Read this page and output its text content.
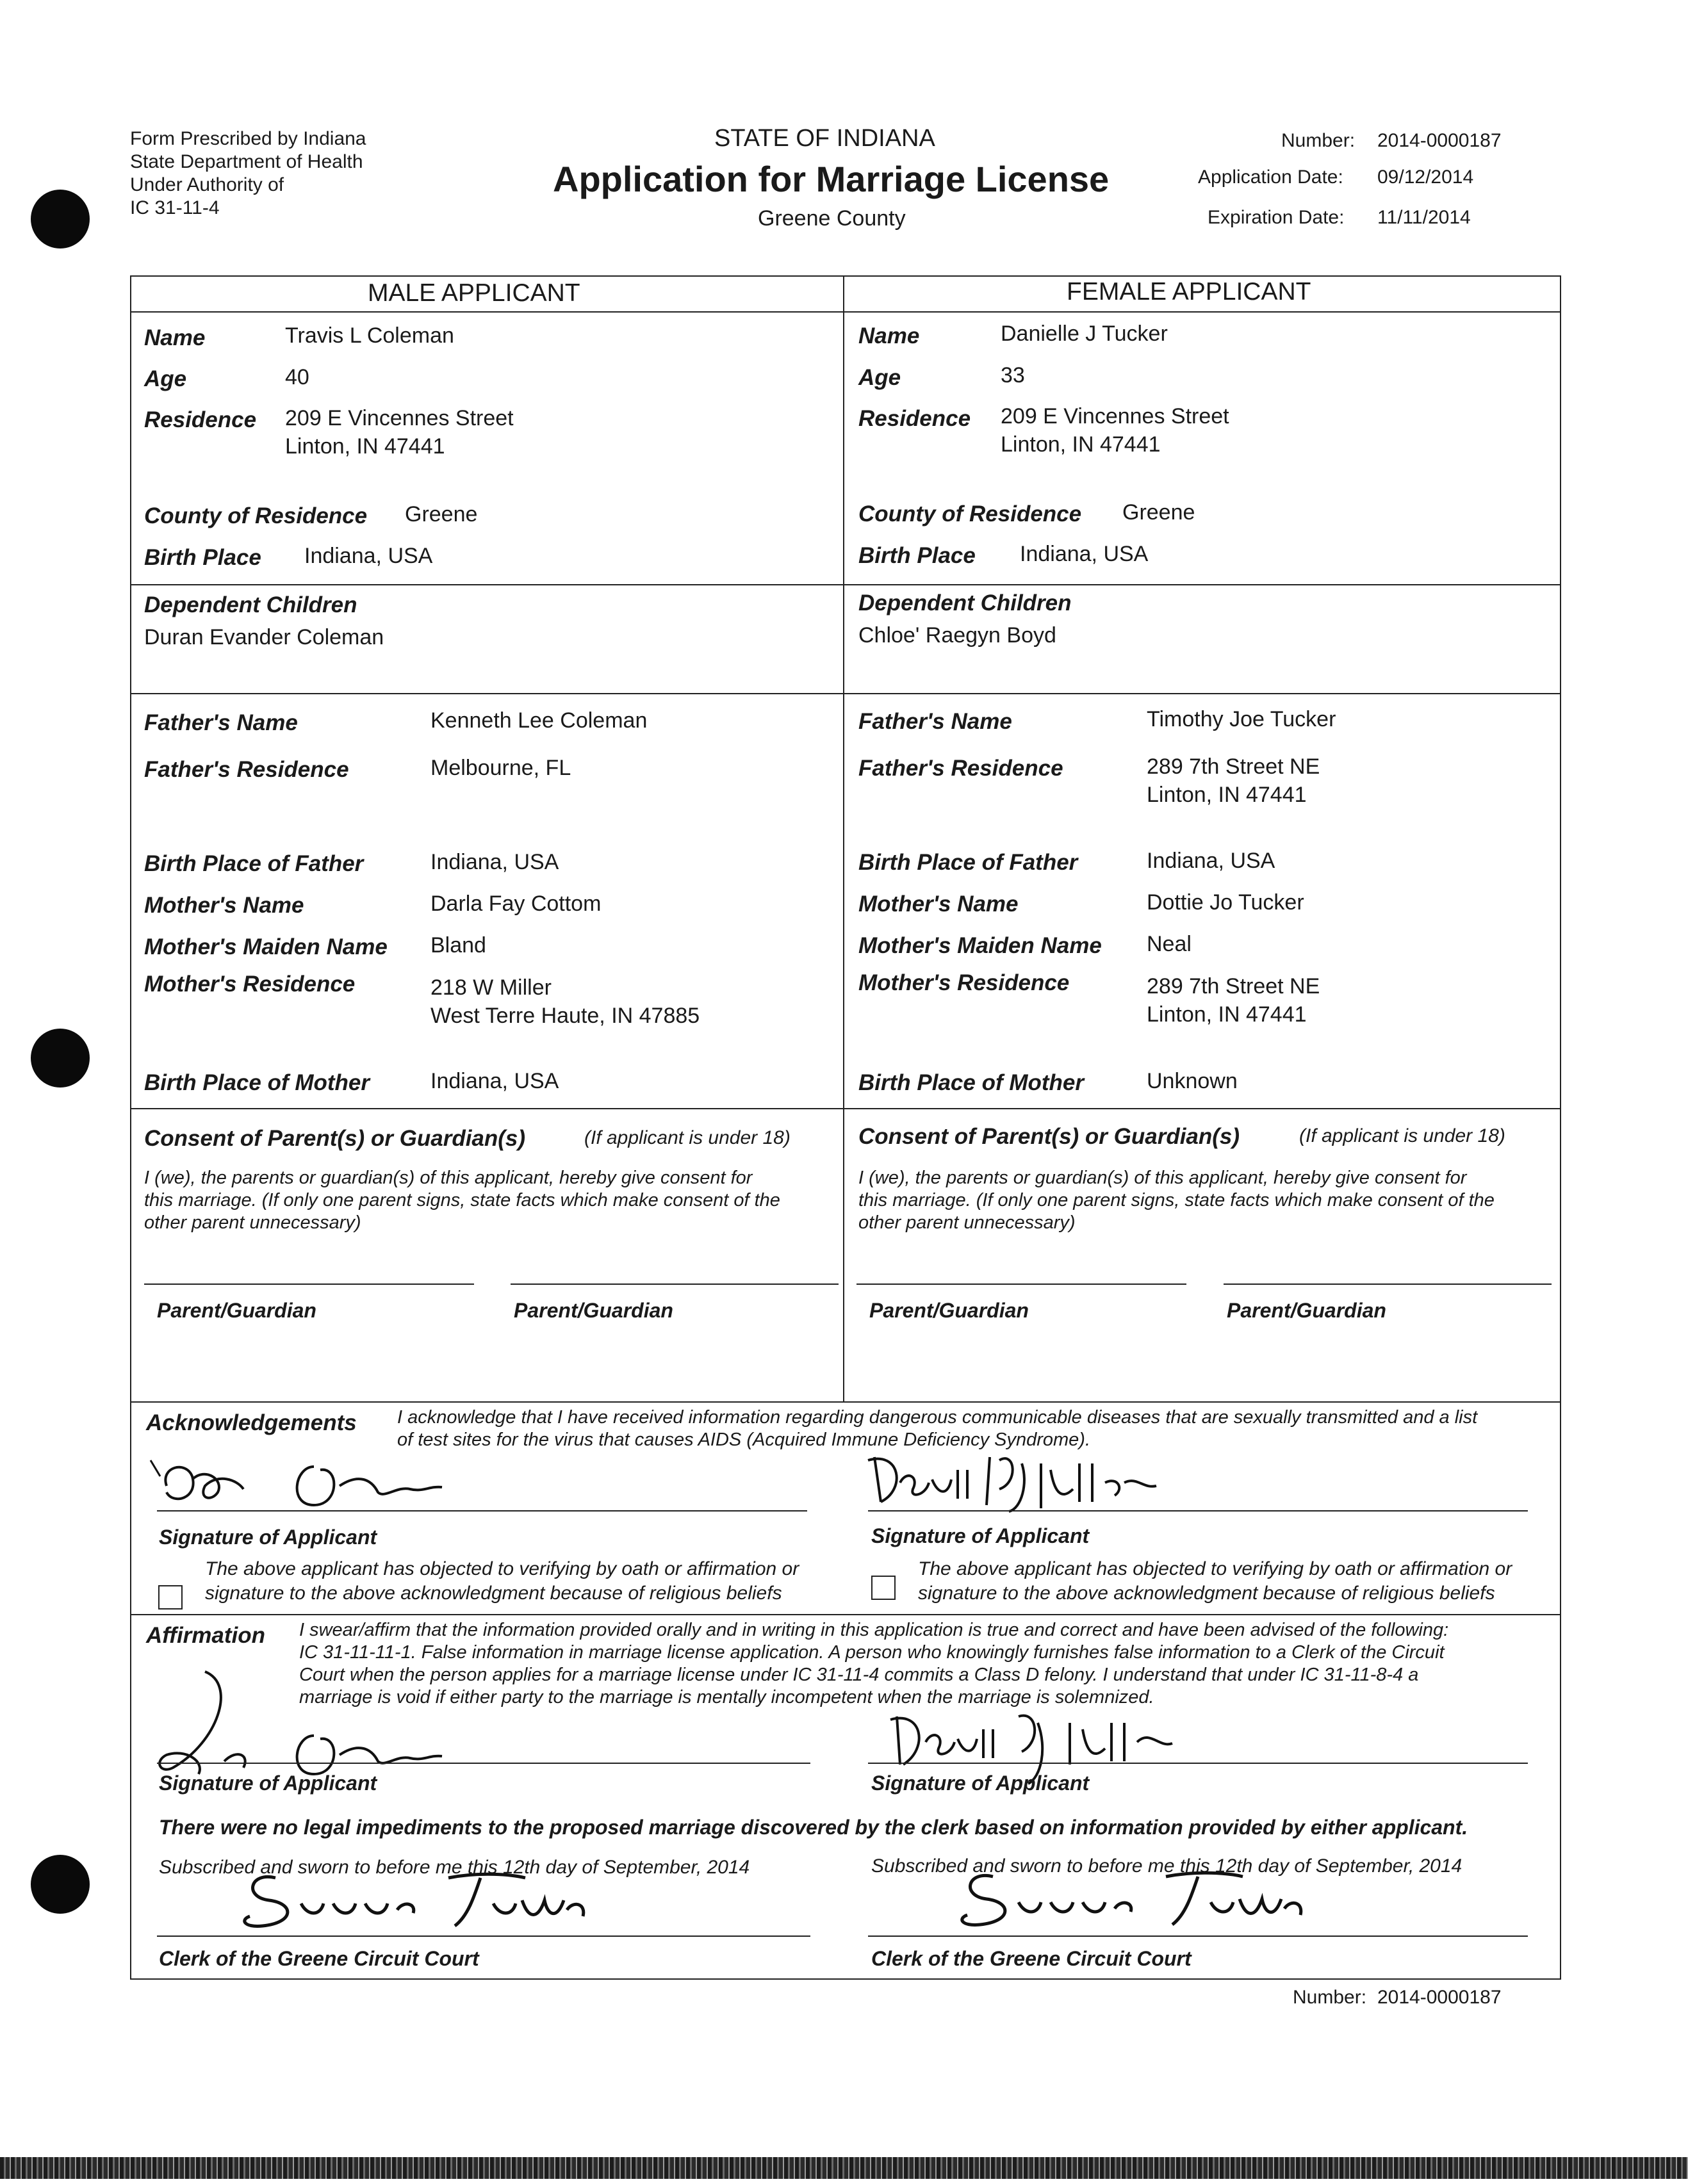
Form Prescribed by Indiana
State Department of Health
Under Authority of
IC 31-11-4
STATE OF INDIANA
Application for Marriage License
Greene County
Number: 2014-0000187
Application Date: 09/12/2014
Expiration Date: 11/11/2014
MALE APPLICANT	FEMALE APPLICANT
Name	Travis L Coleman
Age	40
Residence 209 E Vincennes Street
Linton, IN 47441
County of Residence Greene
Birth Place Indiana, USA
Dependent Children
Duran Evander Coleman
Father's Name	Kenneth Lee Coleman
Father's Residence	Melbourne, FL
Birth Place of Father	Indiana, USA
Mother's Name	Darla Fay Cottom
Mother's Maiden Name Bland
Mother's Residence	218 W Miller
West Terre Haute, IN 47885
Birth Place of Mother	Indiana, USA
Name	Danielle J Tucker
Age	33
Residence 209 E Vincennes Street
Linton, IN 47441
County of Residence Greene
Birth Place Indiana, USA
Dependent Children
Chloe' Raegyn Boyd
Father's Name	Timothy Joe Tucker
Father's Residence	289 7th Street NE
Linton, IN 47441
Birth Place of Father	Indiana, USA
Mother's Name	Dottie Jo Tucker
Mother's Maiden Name Neal
Mother's Residence	289 7th Street NE
Linton, IN 47441
Birth Place of Mother	Unknown
Consent of Parent(s) or Guardian(s)	(If applicant is under 18)
I (we), the parents or guardian(s) of this applicant, hereby give consent for
this marriage. (If only one parent signs, state facts which make consent of the
other parent unnecessary)
Parent/Guardian	Parent/Guardian
Consent of Parent(s) or Guardian(s)	(If applicant is under 18)
I (we), the parents or guardian(s) of this applicant, hereby give consent for
this marriage. (If only one parent signs, state facts which make consent of the
other parent unnecessary)
Parent/Guardian	Parent/Guardian
Acknowledgements I acknowledge that I have received information regarding dangerous communicable diseases that are sexually transmitted and a list
of test sites for the virus that causes AIDS (Acquired Immune Deficiency Syndrome).
Signature of Applicant
The above applicant has objected to verifying by oath or affirmation or
signature to the above acknowledgment because of religious beliefs
Signature of Applicant
The above applicant has objected to verifying by oath or affirmation or
signature to the above acknowledgment because of religious beliefs
Affirmation I swear/affirm that the information provided orally and in writing in this application is true and correct and have been advised of the following:
IC 31-11-11-1. False information in marriage license application. A person who knowingly furnishes false information to a Clerk of the Circuit
Court when the person applies for a marriage license under IC 31-11-4 commits a Class D felony. I understand that under IC 31-11-8-4 a
marriage is void if either party to the marriage is mentally incompetent when the marriage is solemnized.
Signature of Applicant	Signature of Applicant
There were no legal impediments to the proposed marriage discovered by the clerk based on information provided by either applicant.
Subscribed and sworn to before me this 12th day of September, 2014
Clerk of the Greene Circuit Court
Subscribed and sworn to before me this 12th day of September, 2014
Clerk of the Greene Circuit Court
Number: 2014-0000187
